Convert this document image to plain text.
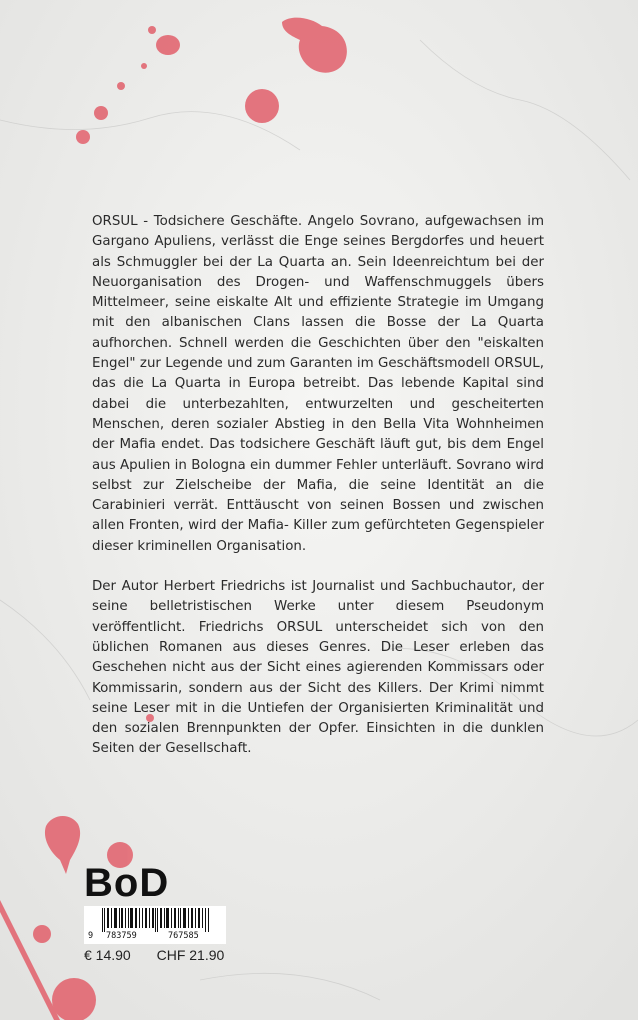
ORSUL - Todsichere Geschäfte. Angelo Sovrano, aufgewachsen im Gargano Apuliens, verlässt die Enge seines Bergdorfes und heuert als Schmuggler bei der La Quarta an. Sein Ideenreichtum bei der Neuorganisation des Drogen- und Waffenschmuggels übers Mittelmeer, seine eiskalte Alt und effiziente Strategie im Umgang mit den albanischen Clans lassen die Bosse der La Quarta aufhorchen. Schnell werden die Geschichten über den "eiskalten Engel" zur Legende und zum Garanten im Geschäftsmodell ORSUL, das die La Quarta in Europa betreibt. Das lebende Kapital sind dabei die unterbezahlten, entwurzelten und gescheiterten Menschen, deren sozialer Abstieg in den Bella Vita Wohnheimen der Mafia endet. Das todsichere Geschäft läuft gut, bis dem Engel aus Apulien in Bologna ein dummer Fehler unterläuft. Sovrano wird selbst zur Zielscheibe der Mafia, die seine Identität an die Carabinieri verrät. Enttäuscht von seinen Bossen und zwischen allen Fronten, wird der Mafia- Killer zum gefürchteten Gegenspieler dieser kriminellen Organisation.

Der Autor Herbert Friedrichs ist Journalist und Sachbuchautor, der seine belletristischen Werke unter diesem Pseudonym veröffentlicht. Friedrichs ORSUL unterscheidet sich von den üblichen Romanen aus dieses Genres. Die Leser erleben das Geschehen nicht aus der Sicht eines agierenden Kommissars oder Kommissarin, sondern aus der Sicht des Killers. Der Krimi nimmt seine Leser mit in die Untiefen der Organisierten Kriminalität und den sozialen Brennpunkten der Opfer. Einsichten in die dunklen Seiten der Gesellschaft.

BoD
9 783759	767585
€ 14.90 CHF 21.90
